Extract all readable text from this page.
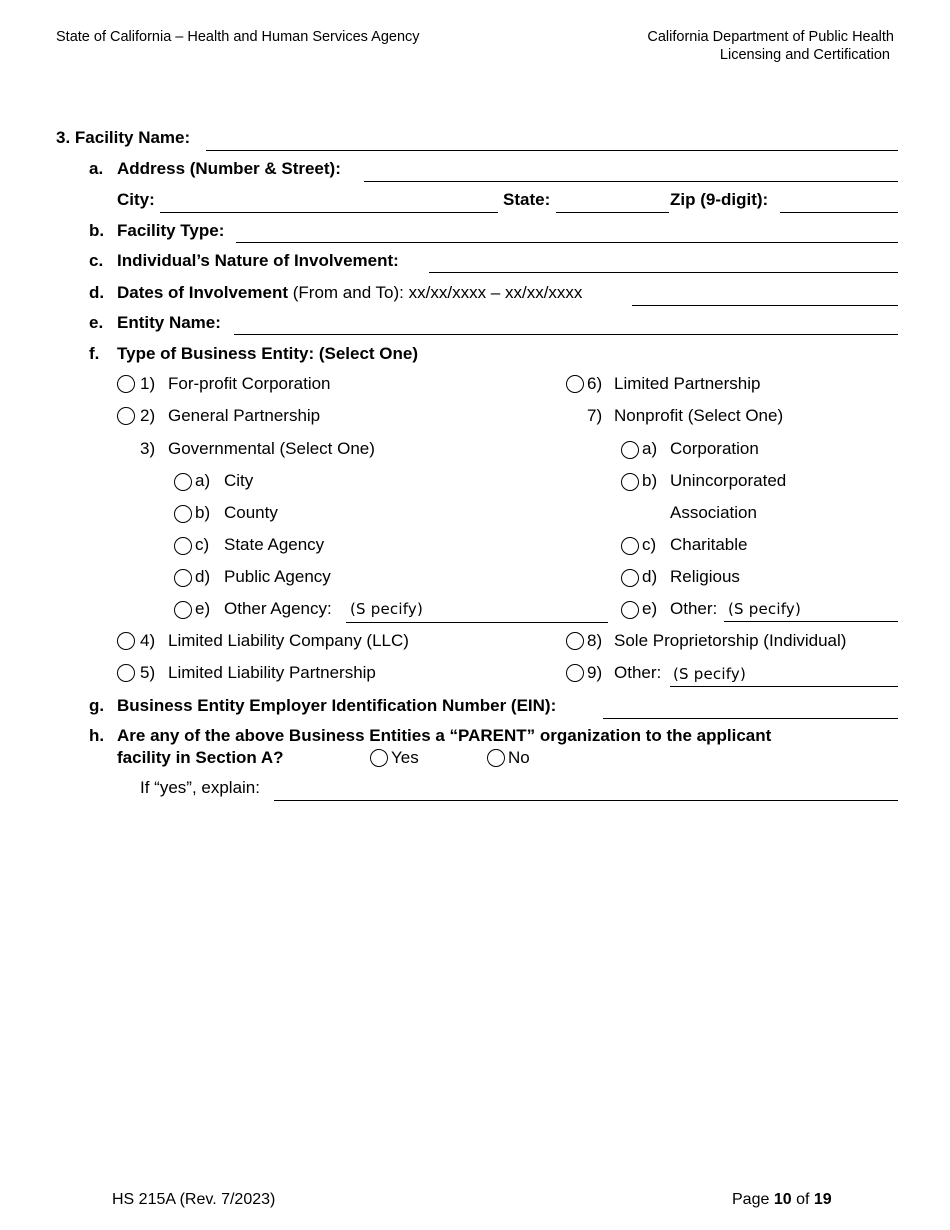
State of California – Health and Human Services Agency	California Department of Public Health
Licensing and Certification
3. Facility Name:
a. Address (Number & Street):
City:	State:	Zip (9-digit):
b. Facility Type:
c. Individual’s Nature of Involvement:
d. Dates of Involvement (From and To): xx/xx/xxxx – xx/xx/xxxx
e. Entity Name:
f. Type of Business Entity: (Select One)
1) For-profit Corporation
2) General Partnership
3) Governmental (Select One)
a) City
b) County
c) State Agency
d) Public Agency
e) Other Agency: (S pecify)
4) Limited Liability Company (LLC)
5) Limited Liability Partnership
6) Limited Partnership
7) Nonprofit (Select One)
a) Corporation
b) Unincorporated
Association
c) Charitable
d) Religious
e) Other: (S pecify)
8) Sole Proprietorship (Individual)
9) Other: (S pecify)
g. Business Entity Employer Identification Number (EIN):
h. Are any of the above Business Entities a “PARENT” organization to the applicant
facility in Section A?	Yes	No
If “yes”, explain:
HS 215A (Rev. 7/2023)	Page 10 of 19
